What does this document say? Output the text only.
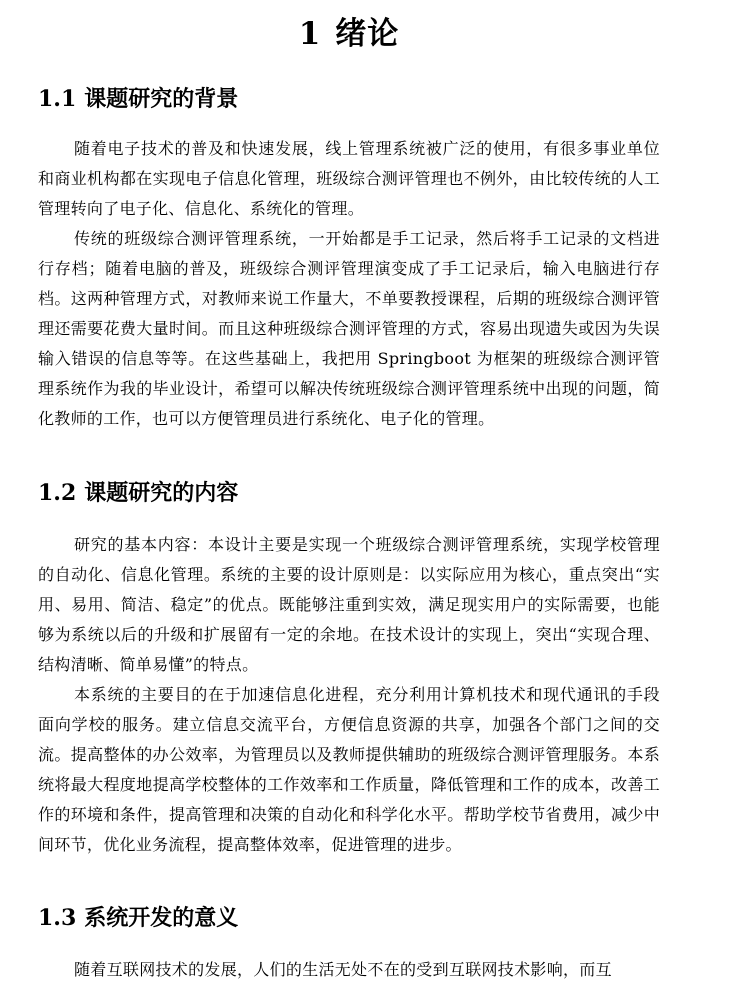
1 绪论
1.1 课题研究的背景

随着电子技术的普及和快速发展，线上管理系统被广泛的使用，有很多事业单位和商业机构都在实现电子信息化管理，班级综合测评管理也不例外，由比较传统的人工管理转向了电子化、信息化、系统化的管理。

传统的班级综合测评管理系统，一开始都是手工记录，然后将手工记录的文档进行存档；随着电脑的普及，班级综合测评管理演变成了手工记录后，输入电脑进行存档。这两种管理方式，对教师来说工作量大，不单要教授课程，后期的班级综合测评管理还需要花费大量时间。而且这种班级综合测评管理的方式，容易出现遗失或因为失误输入错误的信息等等。在这些基础上，我把用 Springboot 为框架的班级综合测评管理系统作为我的毕业设计，希望可以解决传统班级综合测评管理系统中出现的问题，简化教师的工作，也可以方便管理员进行系统化、电子化的管理。

1.2 课题研究的内容

研究的基本内容：本设计主要是实现一个班级综合测评管理系统，实现学校管理的自动化、信息化管理。系统的主要的设计原则是：以实际应用为核心，重点突出“实用、易用、简洁、稳定”的优点。既能够注重到实效，满足现实用户的实际需要，也能够为系统以后的升级和扩展留有一定的余地。在技术设计的实现上，突出“实现合理、结构清晰、简单易懂”的特点。

本系统的主要目的在于加速信息化进程，充分利用计算机技术和现代通讯的手段面向学校的服务。建立信息交流平台，方便信息资源的共享，加强各个部门之间的交流。提高整体的办公效率，为管理员以及教师提供辅助的班级综合测评管理服务。本系统将最大程度地提高学校整体的工作效率和工作质量，降低管理和工作的成本，改善工作的环境和条件，提高管理和决策的自动化和科学化水平。帮助学校节省费用，减少中间环节，优化业务流程，提高整体效率，促进管理的进步。

1.3 系统开发的意义

随着互联网技术的发展，人们的生活无处不在的受到互联网技术影响，而互
